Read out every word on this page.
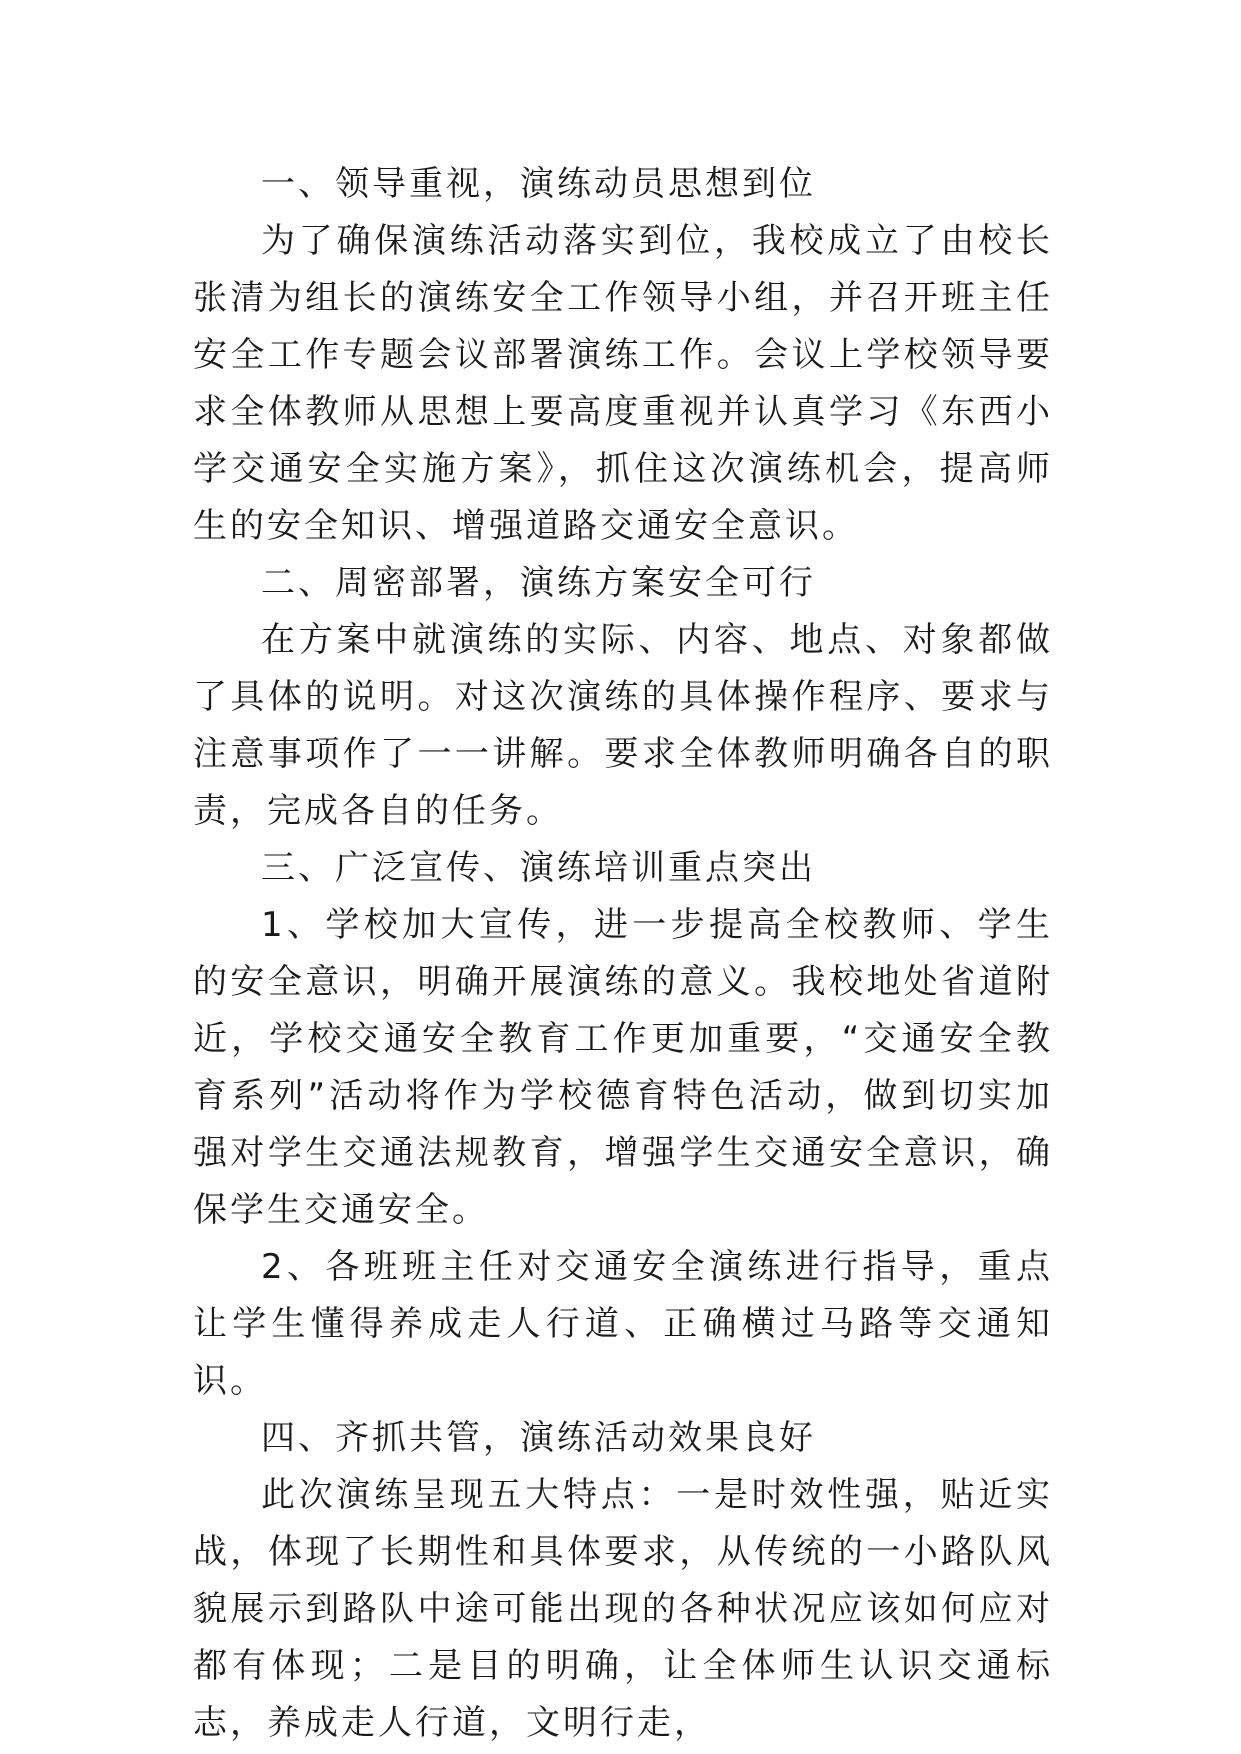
一、领导重视，演练动员思想到位

为了确保演练活动落实到位，我校成立了由校长张清为组长的演练安全工作领导小组，并召开班主任安全工作专题会议部署演练工作。会议上学校领导要求全体教师从思想上要高度重视并认真学习《东西小学交通安全实施方案》，抓住这次演练机会，提高师生的安全知识、增强道路交通安全意识。

二、周密部署，演练方案安全可行

在方案中就演练的实际、内容、地点、对象都做了具体的说明。对这次演练的具体操作程序、要求与注意事项作了一一讲解。要求全体教师明确各自的职责，完成各自的任务。

三、广泛宣传、演练培训重点突出

1、学校加大宣传，进一步提高全校教师、学生的安全意识，明确开展演练的意义。我校地处省道附近，学校交通安全教育工作更加重要，“交通安全教育系列”活动将作为学校德育特色活动，做到切实加强对学生交通法规教育，增强学生交通安全意识，确保学生交通安全。

2、各班班主任对交通安全演练进行指导，重点让学生懂得养成走人行道、正确横过马路等交通知识。

四、齐抓共管，演练活动效果良好

此次演练呈现五大特点：一是时效性强，贴近实战，体现了长期性和具体要求，从传统的一小路队风貌展示到路队中途可能出现的各种状况应该如何应对都有体现；二是目的明确，让全体师生认识交通标志，养成走人行道，文明行走，
